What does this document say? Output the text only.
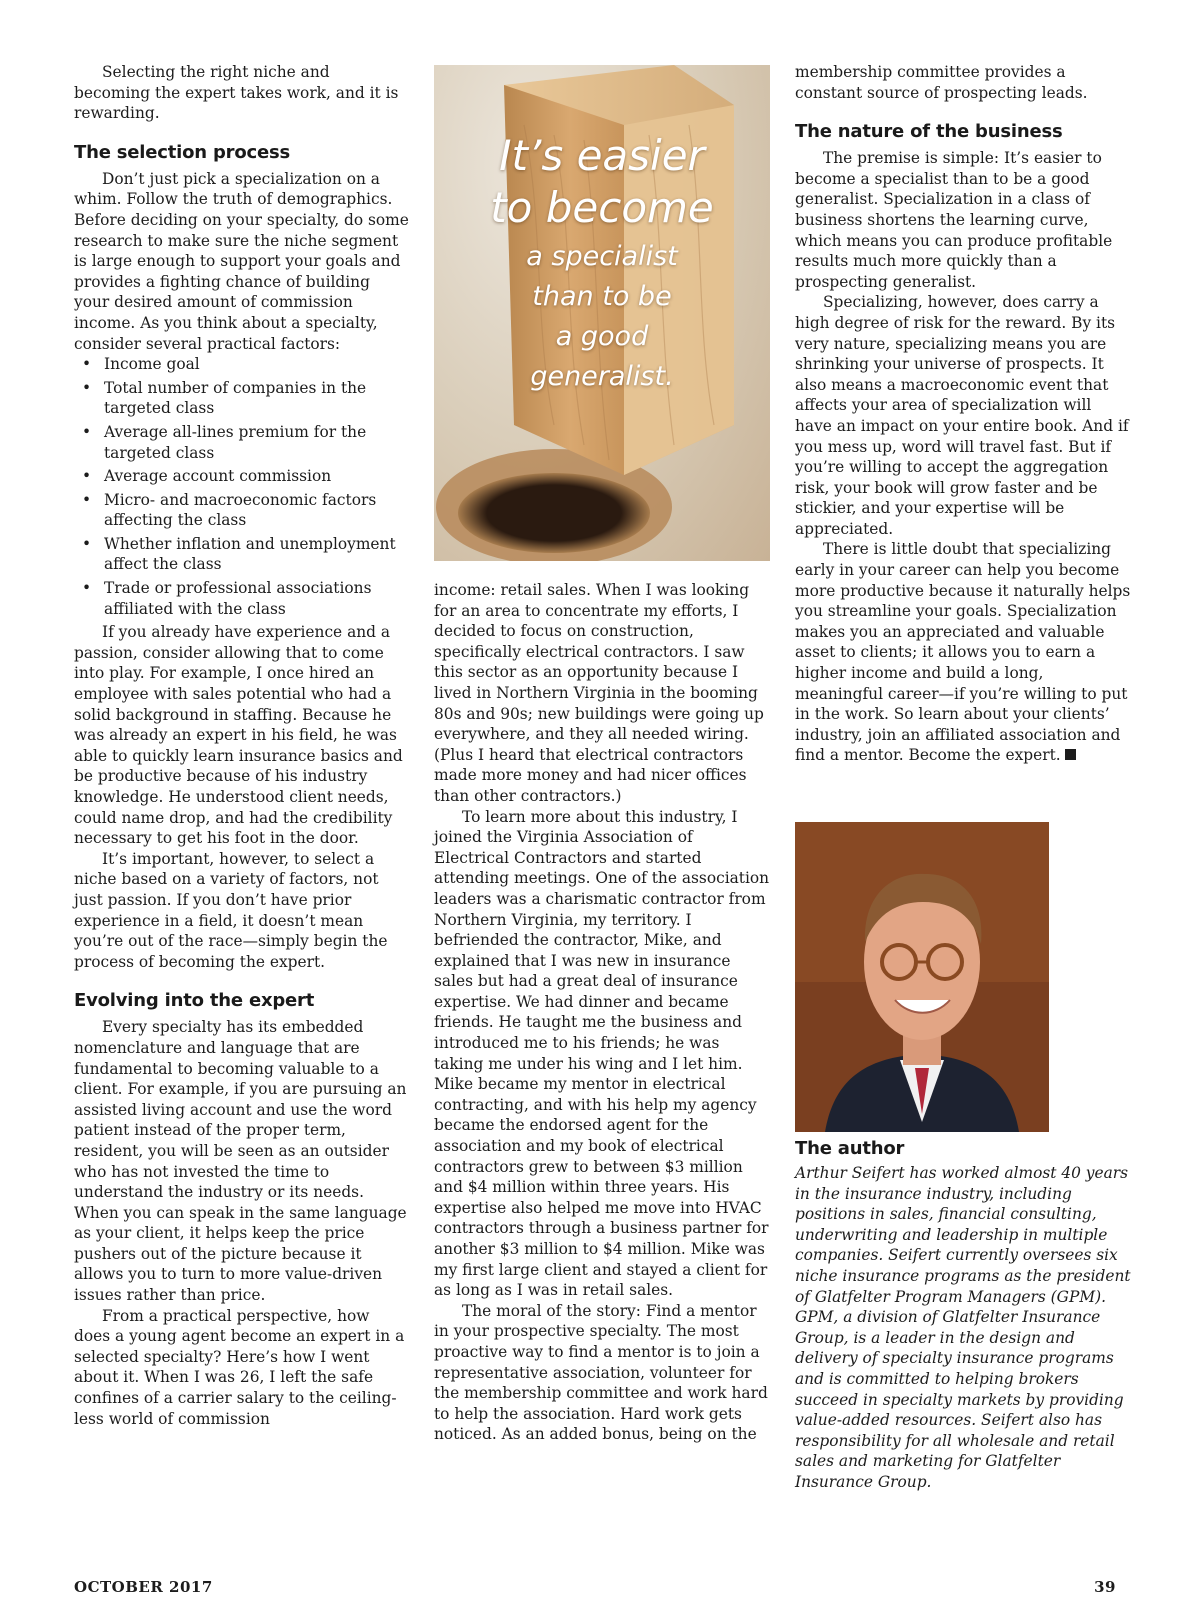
Selecting the right niche and becoming the expert takes work, and it is rewarding.

The selection process

Don’t just pick a specialization on a whim. Follow the truth of demographics. Before deciding on your specialty, do some research to make sure the niche segment is large enough to support your goals and provides a fighting chance of building your desired amount of commission income. As you think about a specialty, consider several practical factors:

• Income goal
• Total number of companies in the targeted class
• Average all-lines premium for the targeted class
• Average account commission
• Micro- and macroeconomic factors affecting the class
• Whether inflation and unemployment affect the class
• Trade or professional associations affiliated with the class

If you already have experience and a passion, consider allowing that to come into play. For example, I once hired an employee with sales potential who had a solid background in staffing. Because he was already an expert in his field, he was able to quickly learn insurance basics and be productive because of his industry knowledge. He understood client needs, could name drop, and had the credibility necessary to get his foot in the door.

It’s important, however, to select a niche based on a variety of factors, not just passion. If you don’t have prior experience in a field, it doesn’t mean you’re out of the race—simply begin the process of becoming the expert.

Evolving into the expert

Every specialty has its embedded nomenclature and language that are fundamental to becoming valuable to a client. For example, if you are pursuing an assisted living account and use the word patient instead of the proper term, resident, you will be seen as an outsider who has not invested the time to understand the industry or its needs. When you can speak in the same language as your client, it helps keep the price pushers out of the picture because it allows you to turn to more value-driven issues rather than price.

From a practical perspective, how does a young agent become an expert in a selected specialty? Here’s how I went about it. When I was 26, I left the safe confines of a carrier salary to the ceiling-less world of commission

It’s easier
to become
a specialist
than to be
a good
generalist.

income: retail sales. When I was looking for an area to concentrate my efforts, I decided to focus on construction, specifically electrical contractors. I saw this sector as an opportunity because I lived in Northern Virginia in the booming 80s and 90s; new buildings were going up everywhere, and they all needed wiring. (Plus I heard that electrical contractors made more money and had nicer offices than other contractors.)

To learn more about this industry, I joined the Virginia Association of Electrical Contractors and started attending meetings. One of the association leaders was a charismatic contractor from Northern Virginia, my territory. I befriended the contractor, Mike, and explained that I was new in insurance sales but had a great deal of insurance expertise. We had dinner and became friends. He taught me the business and introduced me to his friends; he was taking me under his wing and I let him. Mike became my mentor in electrical contracting, and with his help my agency became the endorsed agent for the association and my book of electrical contractors grew to between $3 million and $4 million within three years. His expertise also helped me move into HVAC contractors through a business partner for another $3 million to $4 million. Mike was my first large client and stayed a client for as long as I was in retail sales.

The moral of the story: Find a mentor in your prospective specialty. The most proactive way to find a mentor is to join a representative association, volunteer for the membership committee and work hard to help the association. Hard work gets noticed. As an added bonus, being on the

membership committee provides a constant source of prospecting leads.

The nature of the business

The premise is simple: It’s easier to become a specialist than to be a good generalist. Specialization in a class of business shortens the learning curve, which means you can produce profitable results much more quickly than a prospecting generalist.

Specializing, however, does carry a high degree of risk for the reward. By its very nature, specializing means you are shrinking your universe of prospects. It also means a macroeconomic event that affects your area of specialization will have an impact on your entire book. And if you mess up, word will travel fast. But if you’re willing to accept the aggregation risk, your book will grow faster and be stickier, and your expertise will be appreciated.

There is little doubt that specializing early in your career can help you become more productive because it naturally helps you streamline your goals. Specialization makes you an appreciated and valuable asset to clients; it allows you to earn a higher income and build a long, meaningful career—if you’re willing to put in the work. So learn about your clients’ industry, join an affiliated association and find a mentor. Become the expert.

The author

Arthur Seifert has worked almost 40 years in the insurance industry, including positions in sales, financial consulting, underwriting and leadership in multiple companies. Seifert currently oversees six niche insurance programs as the president of Glatfelter Program Managers (GPM). GPM, a division of Glatfelter Insurance Group, is a leader in the design and delivery of specialty insurance programs and is committed to helping brokers succeed in specialty markets by providing value-added resources. Seifert also has responsibility for all wholesale and retail sales and marketing for Glatfelter Insurance Group.

OCTOBER 2017	39
